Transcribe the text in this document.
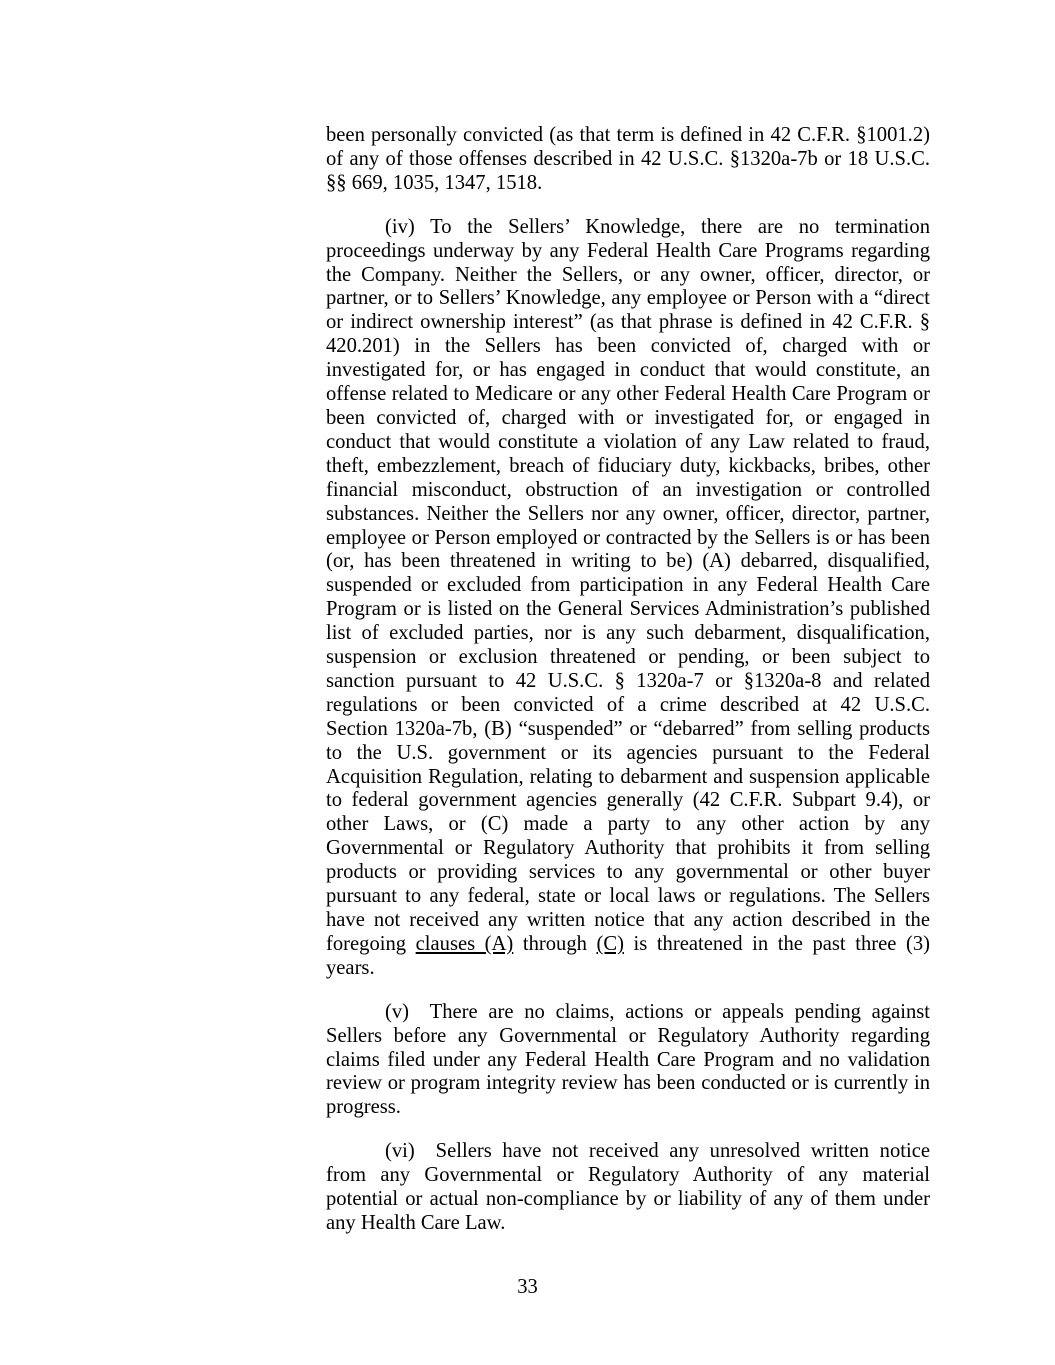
been personally convicted (as that term is defined in 42 C.F.R. §1001.2) of any of those offenses described in 42 U.S.C. §1320a-7b or 18 U.S.C. §§ 669, 1035, 1347, 1518.

(iv) To the Sellers’ Knowledge, there are no termination proceedings underway by any Federal Health Care Programs regarding the Company. Neither the Sellers, or any owner, officer, director, or partner, or to Sellers’ Knowledge, any employee or Person with a “direct or indirect ownership interest” (as that phrase is defined in 42 C.F.R. § 420.201) in the Sellers has been convicted of, charged with or investigated for, or has engaged in conduct that would constitute, an offense related to Medicare or any other Federal Health Care Program or been convicted of, charged with or investigated for, or engaged in conduct that would constitute a violation of any Law related to fraud, theft, embezzlement, breach of fiduciary duty, kickbacks, bribes, other financial misconduct, obstruction of an investigation or controlled substances. Neither the Sellers nor any owner, officer, director, partner, employee or Person employed or contracted by the Sellers is or has been (or, has been threatened in writing to be) (A) debarred, disqualified, suspended or excluded from participation in any Federal Health Care Program or is listed on the General Services Administration’s published list of excluded parties, nor is any such debarment, disqualification, suspension or exclusion threatened or pending, or been subject to sanction pursuant to 42 U.S.C. § 1320a-7 or §1320a-8 and related regulations or been convicted of a crime described at 42 U.S.C. Section 1320a-7b, (B) “suspended” or “debarred” from selling products to the U.S. government or its agencies pursuant to the Federal Acquisition Regulation, relating to debarment and suspension applicable to federal government agencies generally (42 C.F.R. Subpart 9.4), or other Laws, or (C) made a party to any other action by any Governmental or Regulatory Authority that prohibits it from selling products or providing services to any governmental or other buyer pursuant to any federal, state or local laws or regulations. The Sellers have not received any written notice that any action described in the foregoing clauses (A) through (C) is threatened in the past three (3) years.

(v)  There are no claims, actions or appeals pending against Sellers before any Governmental or Regulatory Authority regarding claims filed under any Federal Health Care Program and no validation review or program integrity review has been conducted or is currently in progress.

(vi)  Sellers have not received any unresolved written notice from any Governmental or Regulatory Authority of any material potential or actual non-compliance by or liability of any of them under any Health Care Law.

33
